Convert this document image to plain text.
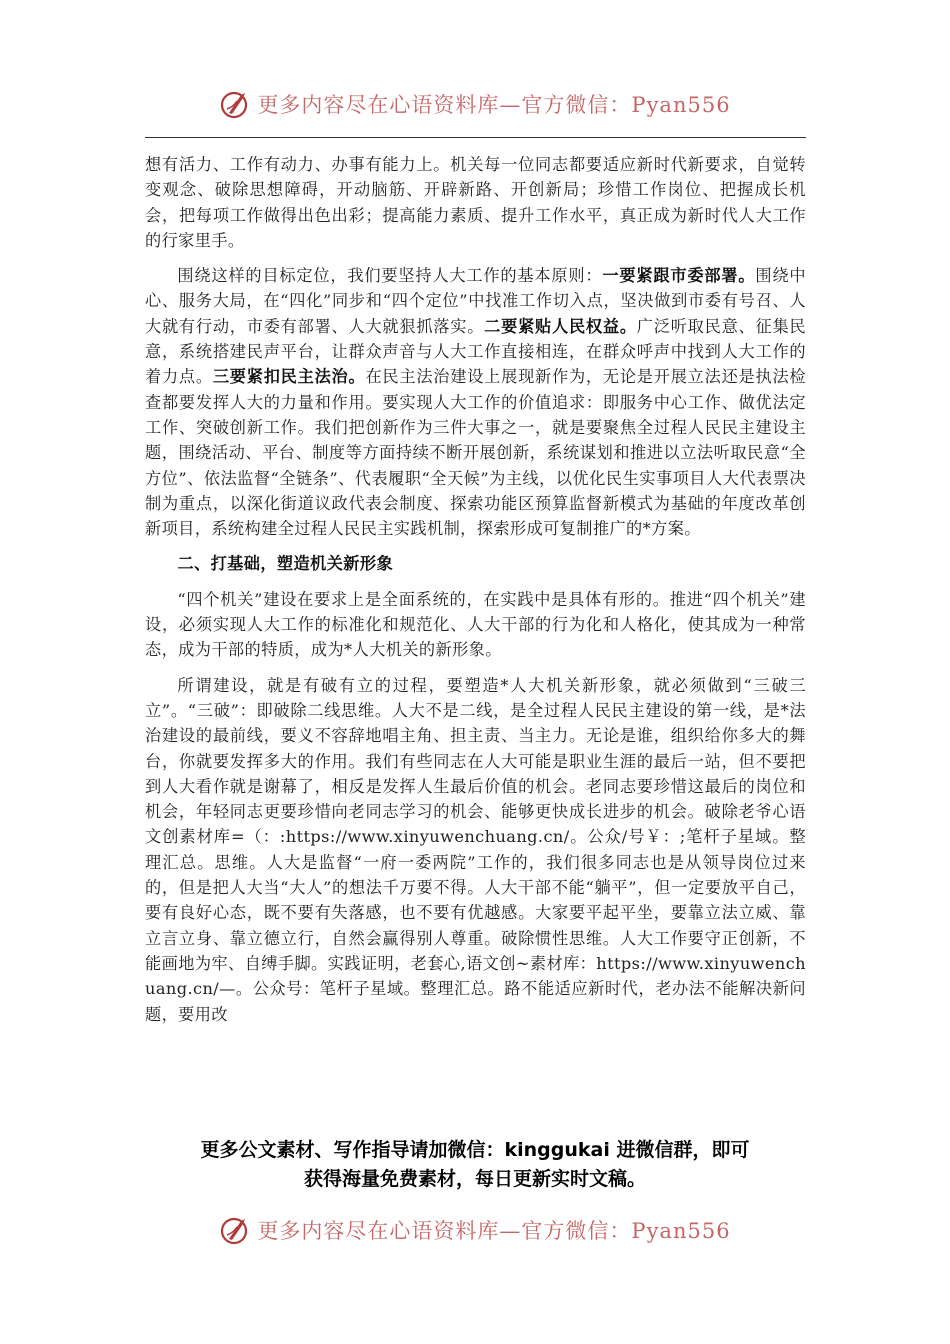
更多内容尽在心语资料库—官方微信：Pyan556

想有活力、工作有动力、办事有能力上。机关每一位同志都要适应新时代新要求，自觉转变观念、破除思想障碍，开动脑筋、开辟新路、开创新局；珍惜工作岗位、把握成长机会，把每项工作做得出色出彩；提高能力素质、提升工作水平，真正成为新时代人大工作的行家里手。

围绕这样的目标定位，我们要坚持人大工作的基本原则：一要紧跟市委部署。围绕中心、服务大局，在“四化”同步和“四个定位”中找准工作切入点，坚决做到市委有号召、人大就有行动，市委有部署、人大就狠抓落实。二要紧贴人民权益。广泛听取民意、征集民意，系统搭建民声平台，让群众声音与人大工作直接相连，在群众呼声中找到人大工作的着力点。三要紧扣民主法治。在民主法治建设上展现新作为，无论是开展立法还是执法检查都要发挥人大的力量和作用。要实现人大工作的价值追求：即服务中心工作、做优法定工作、突破创新工作。我们把创新作为三件大事之一，就是要聚焦全过程人民民主建设主题，围绕活动、平台、制度等方面持续不断开展创新，系统谋划和推进以立法听取民意“全方位”、依法监督“全链条”、代表履职“全天候”为主线，以优化民生实事项目人大代表票决制为重点，以深化街道议政代表会制度、探索功能区预算监督新模式为基础的年度改革创新项目，系统构建全过程人民民主实践机制，探索形成可复制推广的*方案。

二、打基础，塑造机关新形象

“四个机关”建设在要求上是全面系统的，在实践中是具体有形的。推进“四个机关”建设，必须实现人大工作的标准化和规范化、人大干部的行为化和人格化，使其成为一种常态，成为干部的特质，成为*人大机关的新形象。

所谓建设，就是有破有立的过程，要塑造*人大机关新形象，就必须做到“三破三立”。“三破”：即破除二线思维。人大不是二线，是全过程人民民主建设的第一线，是*法治建设的最前线，要义不容辞地唱主角、担主责、当主力。无论是谁，组织给你多大的舞台，你就要发挥多大的作用。我们有些同志在人大可能是职业生涯的最后一站，但不要把到人大看作就是谢幕了，相反是发挥人生最后价值的机会。老同志要珍惜这最后的岗位和机会，年轻同志更要珍惜向老同志学习的机会、能够更快成长进步的机会。破除老爷心语文创素材库=（：:https://www.xinyuwenchuang.cn/。公众/号￥：;笔杆子星域。整理汇总。思维。人大是监督“一府一委两院”工作的，我们很多同志也是从领导岗位过来的，但是把人大当“大人”的想法千万要不得。人大干部不能“躺平”，但一定要放平自己，要有良好心态，既不要有失落感，也不要有优越感。大家要平起平坐，要靠立法立威、靠立言立身、靠立德立行，自然会赢得别人尊重。破除惯性思维。人大工作要守正创新，不能画地为牢、自缚手脚。实践证明，老套心,语文创~素材库：https://www.xinyuwenchuang.cn/—。公众号：笔杆子星域。整理汇总。路不能适应新时代，老办法不能解决新问题，要用改

更多公文素材、写作指导请加微信：kinggukai 进微信群，即可
获得海量免费素材，每日更新实时文稿。
更多内容尽在心语资料库—官方微信：Pyan556
